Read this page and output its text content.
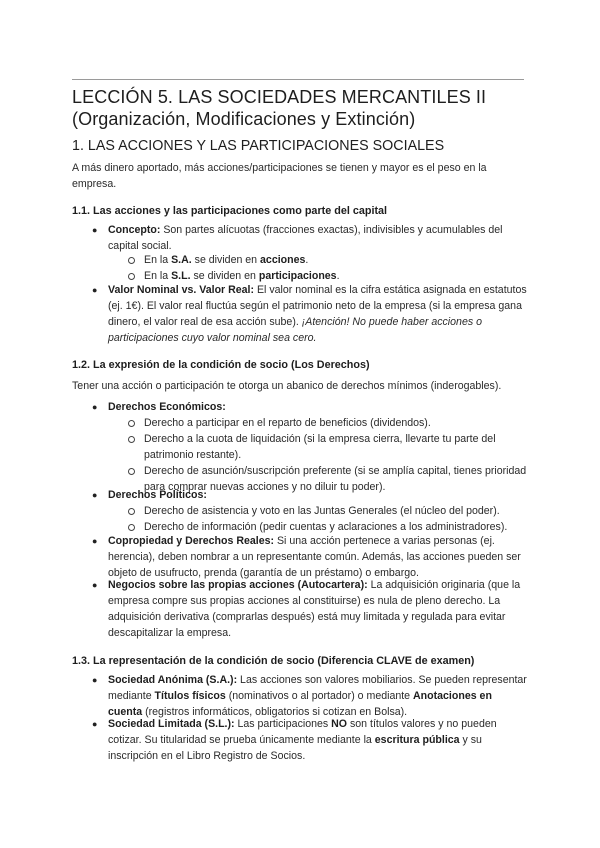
LECCIÓN 5. LAS SOCIEDADES MERCANTILES II
(Organización, Modificaciones y Extinción)
1. LAS ACCIONES Y LAS PARTICIPACIONES SOCIALES
A más dinero aportado, más acciones/participaciones se tienen y mayor es el peso en la empresa.
1.1. Las acciones y las participaciones como parte del capital
● Concepto: Son partes alícuotas (fracciones exactas), indivisibles y acumulables del capital social.
En la S.A. se dividen en acciones.
En la S.L. se dividen en participaciones.
● Valor Nominal vs. Valor Real: El valor nominal es la cifra estática asignada en estatutos (ej. 1€). El valor real fluctúa según el patrimonio neto de la empresa (si la empresa gana dinero, el valor real de esa acción sube). ¡Atención! No puede haber acciones o participaciones cuyo valor nominal sea cero.
1.2. La expresión de la condición de socio (Los Derechos)
Tener una acción o participación te otorga un abanico de derechos mínimos (inderogables).
● Derechos Económicos:
Derecho a participar en el reparto de beneficios (dividendos).
Derecho a la cuota de liquidación (si la empresa cierra, llevarte tu parte del patrimonio restante).
Derecho de asunción/suscripción preferente (si se amplía capital, tienes prioridad para comprar nuevas acciones y no diluir tu poder).
● Derechos Políticos:
Derecho de asistencia y voto en las Juntas Generales (el núcleo del poder).
Derecho de información (pedir cuentas y aclaraciones a los administradores).
● Copropiedad y Derechos Reales: Si una acción pertenece a varias personas (ej. herencia), deben nombrar a un representante común. Además, las acciones pueden ser objeto de usufructo, prenda (garantía de un préstamo) o embargo.
● Negocios sobre las propias acciones (Autocartera): La adquisición originaria (que la empresa compre sus propias acciones al constituirse) es nula de pleno derecho. La adquisición derivativa (comprarlas después) está muy limitada y regulada para evitar descapitalizar la empresa.
1.3. La representación de la condición de socio (Diferencia CLAVE de examen)
● Sociedad Anónima (S.A.): Las acciones son valores mobiliarios. Se pueden representar mediante Títulos físicos (nominativos o al portador) o mediante Anotaciones en cuenta (registros informáticos, obligatorios si cotizan en Bolsa).
● Sociedad Limitada (S.L.): Las participaciones NO son títulos valores y no pueden cotizar. Su titularidad se prueba únicamente mediante la escritura pública y su inscripción en el Libro Registro de Socios.
